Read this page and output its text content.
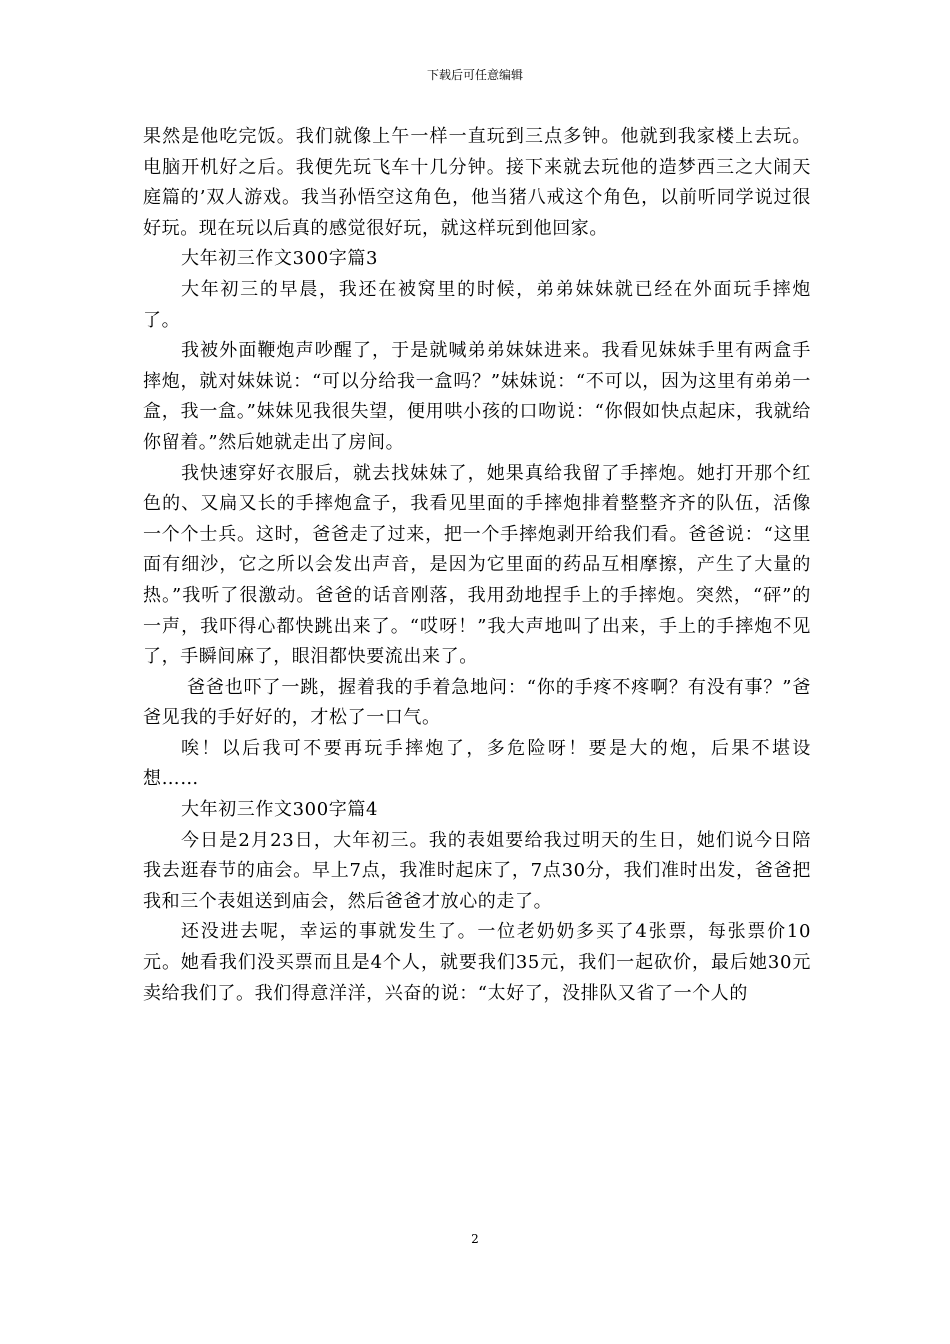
下载后可任意编辑

果然是他吃完饭。我们就像上午一样一直玩到三点多钟。他就到我家楼上去玩。电脑开机好之后。我便先玩飞车十几分钟。接下来就去玩他的造梦西三之大闹天庭篇的’双人游戏。我当孙悟空这角色，他当猪八戒这个角色，以前听同学说过很好玩。现在玩以后真的感觉很好玩，就这样玩到他回家。

大年初三作文300字篇3

大年初三的早晨，我还在被窝里的时候，弟弟妹妹就已经在外面玩手摔炮了。

我被外面鞭炮声吵醒了，于是就喊弟弟妹妹进来。我看见妹妹手里有两盒手摔炮，就对妹妹说：“可以分给我一盒吗？”妹妹说：“不可以，因为这里有弟弟一盒，我一盒。”妹妹见我很失望，便用哄小孩的口吻说：“你假如快点起床，我就给你留着。”然后她就走出了房间。

我快速穿好衣服后，就去找妹妹了，她果真给我留了手摔炮。她打开那个红色的、又扁又长的手摔炮盒子，我看见里面的手摔炮排着整整齐齐的队伍，活像一个个士兵。这时，爸爸走了过来，把一个手摔炮剥开给我们看。爸爸说：“这里面有细沙，它之所以会发出声音，是因为它里面的药品互相摩擦，产生了大量的热。”我听了很激动。爸爸的话音刚落，我用劲地捏手上的手摔炮。突然，“砰”的一声，我吓得心都快跳出来了。“哎呀！”我大声地叫了出来，手上的手摔炮不见了，手瞬间麻了，眼泪都快要流出来了。

爸爸也吓了一跳，握着我的手着急地问：“你的手疼不疼啊？有没有事？”爸爸见我的手好好的，才松了一口气。

唉！以后我可不要再玩手摔炮了，多危险呀！要是大的炮，后果不堪设想……

大年初三作文300字篇4

今日是2月23日，大年初三。我的表姐要给我过明天的生日，她们说今日陪我去逛春节的庙会。早上7点，我准时起床了，7点30分，我们准时出发，爸爸把我和三个表姐送到庙会，然后爸爸才放心的走了。

还没进去呢，幸运的事就发生了。一位老奶奶多买了4张票，每张票价10元。她看我们没买票而且是4个人，就要我们35元，我们一起砍价，最后她30元卖给我们了。我们得意洋洋，兴奋的说：“太好了，没排队又省了一个人的

2
